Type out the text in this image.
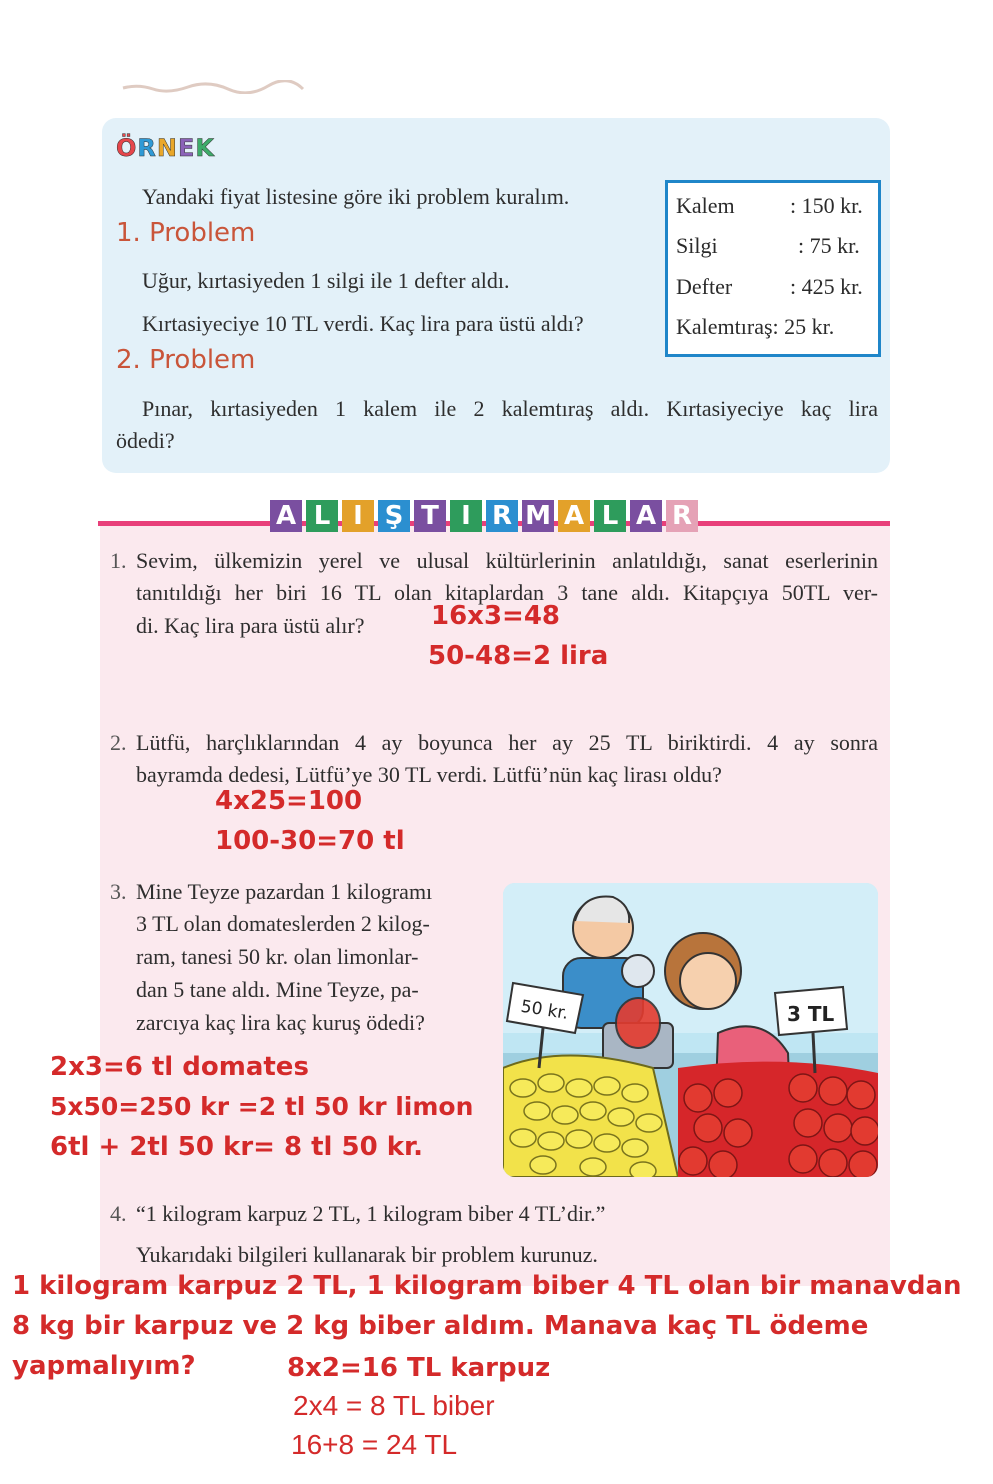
ÖRNEK
Yandaki fiyat listesine göre iki problem kuralım.
1. Problem
Uğur, kırtasiyeden 1 silgi ile 1 defter aldı.
Kırtasiyeciye 10 TL verdi. Kaç lira para üstü aldı?
2. Problem
Pınar, kırtasiyeden 1 kalem ile 2 kalemtıraş aldı. Kırtasiyeciye kaç lira
ödedi?
Kalem	: 150 kr.
Silgi	: 75 kr.
Defter	: 425 kr.
Kalemtıraş: 25 kr.
A L I Ş T I R M A L A R
1. Sevim, ülkemizin yerel ve ulusal kültürlerinin anlatıldığı, sanat eserlerinin
tanıtıldığı her biri 16 TL olan kitaplardan 3 tane aldı. Kitapçıya 50TL ver-
di. Kaç lira para üstü alır?	16x3=48
50-48=2 lira
2. Lütfü, harçlıklarından 4 ay boyunca her ay 25 TL biriktirdi. 4 ay sonra
bayramda dedesi, Lütfü’ye 30 TL verdi. Lütfü’nün kaç lirası oldu?
4x25=100
100-30=70 tl
3. Mine Teyze pazardan 1 kilogramı
3 TL olan domateslerden 2 kilog-
ram, tanesi 50 kr. olan limonlar-
dan 5 tane aldı. Mine Teyze, pa-
zarcıya kaç lira kaç kuruş ödedi?
2x3=6 tl domates
5x50=250 kr =2 tl 50 kr limon
6tl + 2tl 50 kr= 8 tl 50 kr.
50 kr.	3 TL
4. “1 kilogram karpuz 2 TL, 1 kilogram biber 4 TL’dir.”
Yukarıdaki bilgileri kullanarak bir problem kurunuz.
1 kilogram karpuz 2 TL, 1 kilogram biber 4 TL olan bir manavdan
8 kg bir karpuz ve 2 kg biber aldım. Manava kaç TL ödeme
yapmalıyım?	8x2=16 TL karpuz
2x4 = 8 TL biber
16+8 = 24 TL
